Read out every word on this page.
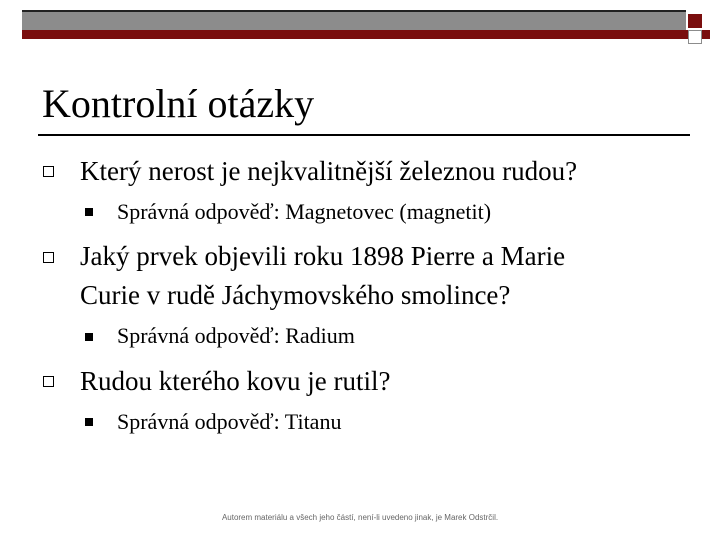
Kontrolní otázky
Který nerost je nejkvalitnější železnou rudou?
Správná odpověď: Magnetovec (magnetit)
Jaký prvek objevili roku 1898 Pierre a Marie
Curie v rudě Jáchymovského smolince?
Správná odpověď: Radium
Rudou kterého kovu je rutil?
Správná odpověď: Titanu
Autorem materiálu a všech jeho částí, není-li uvedeno jinak, je Marek Odstrčil.
